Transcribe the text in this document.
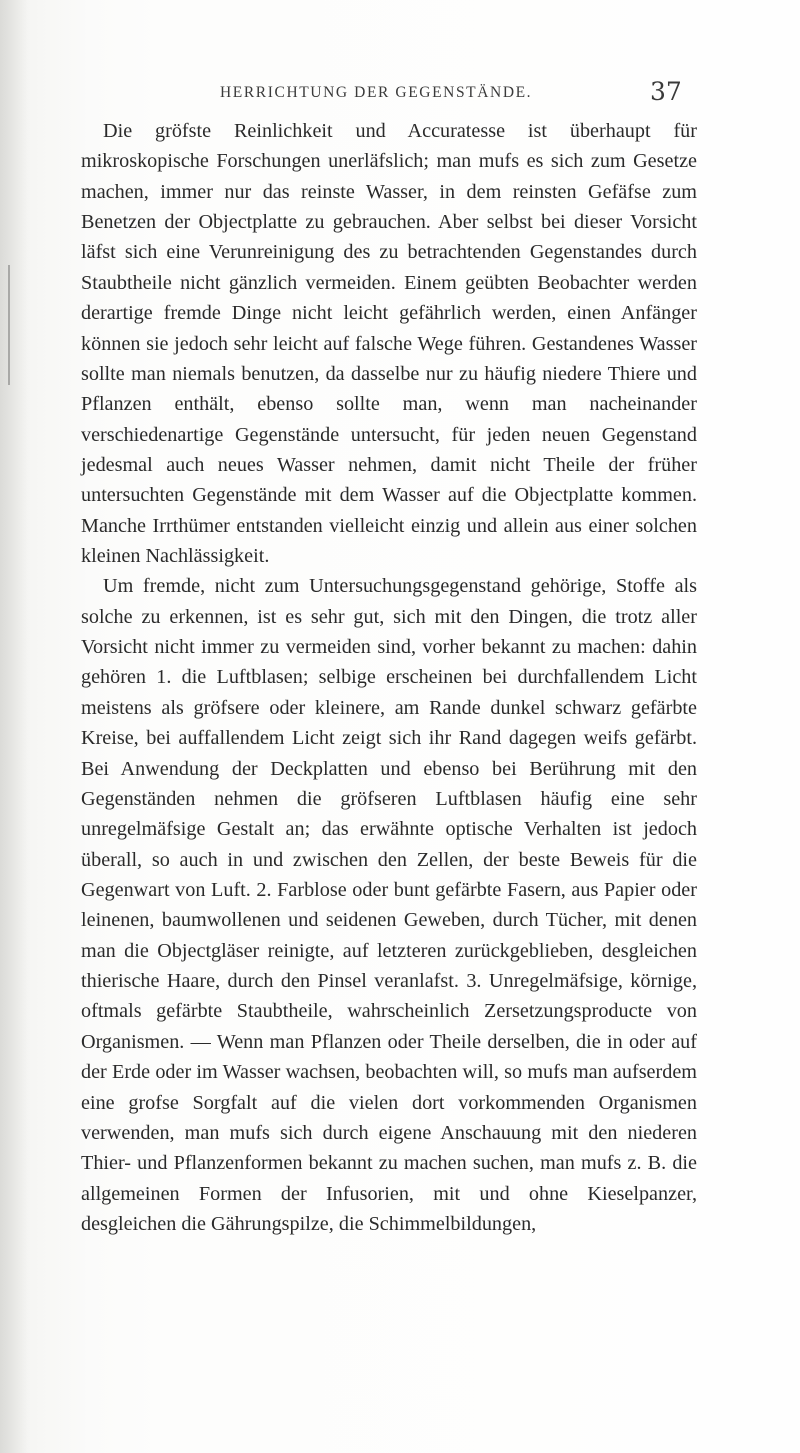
HERRICHTUNG DER GEGENSTÄNDE.	37

Die gröfste Reinlichkeit und Accuratesse ist überhaupt für mikroskopische Forschungen unerläfslich; man mufs es sich zum Gesetze machen, immer nur das reinste Wasser, in dem reinsten Gefäfse zum Benetzen der Objectplatte zu gebrauchen. Aber selbst bei dieser Vorsicht läfst sich eine Verunreinigung des zu betrachtenden Gegenstandes durch Staubtheile nicht gänzlich vermeiden. Einem geübten Beobachter werden derartige fremde Dinge nicht leicht gefährlich werden, einen Anfänger können sie jedoch sehr leicht auf falsche Wege führen. Gestandenes Wasser sollte man niemals benutzen, da dasselbe nur zu häufig niedere Thiere und Pflanzen enthält, ebenso sollte man, wenn man nacheinander verschiedenartige Gegenstände untersucht, für jeden neuen Gegenstand jedesmal auch neues Wasser nehmen, damit nicht Theile der früher untersuchten Gegenstände mit dem Wasser auf die Objectplatte kommen. Manche Irrthümer entstanden vielleicht einzig und allein aus einer solchen kleinen Nachlässigkeit.

Um fremde, nicht zum Untersuchungsgegenstand gehörige, Stoffe als solche zu erkennen, ist es sehr gut, sich mit den Dingen, die trotz aller Vorsicht nicht immer zu vermeiden sind, vorher bekannt zu machen: dahin gehören 1. die Luftblasen; selbige erscheinen bei durchfallendem Licht meistens als gröfsere oder kleinere, am Rande dunkel schwarz gefärbte Kreise, bei auffallendem Licht zeigt sich ihr Rand dagegen weifs gefärbt. Bei Anwendung der Deckplatten und ebenso bei Berührung mit den Gegenständen nehmen die gröfseren Luftblasen häufig eine sehr unregelmäfsige Gestalt an; das erwähnte optische Verhalten ist jedoch überall, so auch in und zwischen den Zellen, der beste Beweis für die Gegenwart von Luft. 2. Farblose oder bunt gefärbte Fasern, aus Papier oder leinenen, baumwollenen und seidenen Geweben, durch Tücher, mit denen man die Objectgläser reinigte, auf letzteren zurückgeblieben, desgleichen thierische Haare, durch den Pinsel veranlafst. 3. Unregelmäfsige, körnige, oftmals gefärbte Staubtheile, wahrscheinlich Zersetzungsproducte von Organismen. — Wenn man Pflanzen oder Theile derselben, die in oder auf der Erde oder im Wasser wachsen, beobachten will, so mufs man aufserdem eine grofse Sorgfalt auf die vielen dort vorkommenden Organismen verwenden, man mufs sich durch eigene Anschauung mit den niederen Thier- und Pflanzenformen bekannt zu machen suchen, man mufs z. B. die allgemeinen Formen der Infusorien, mit und ohne Kieselpanzer, desgleichen die Gährungspilze, die Schimmelbildungen,
